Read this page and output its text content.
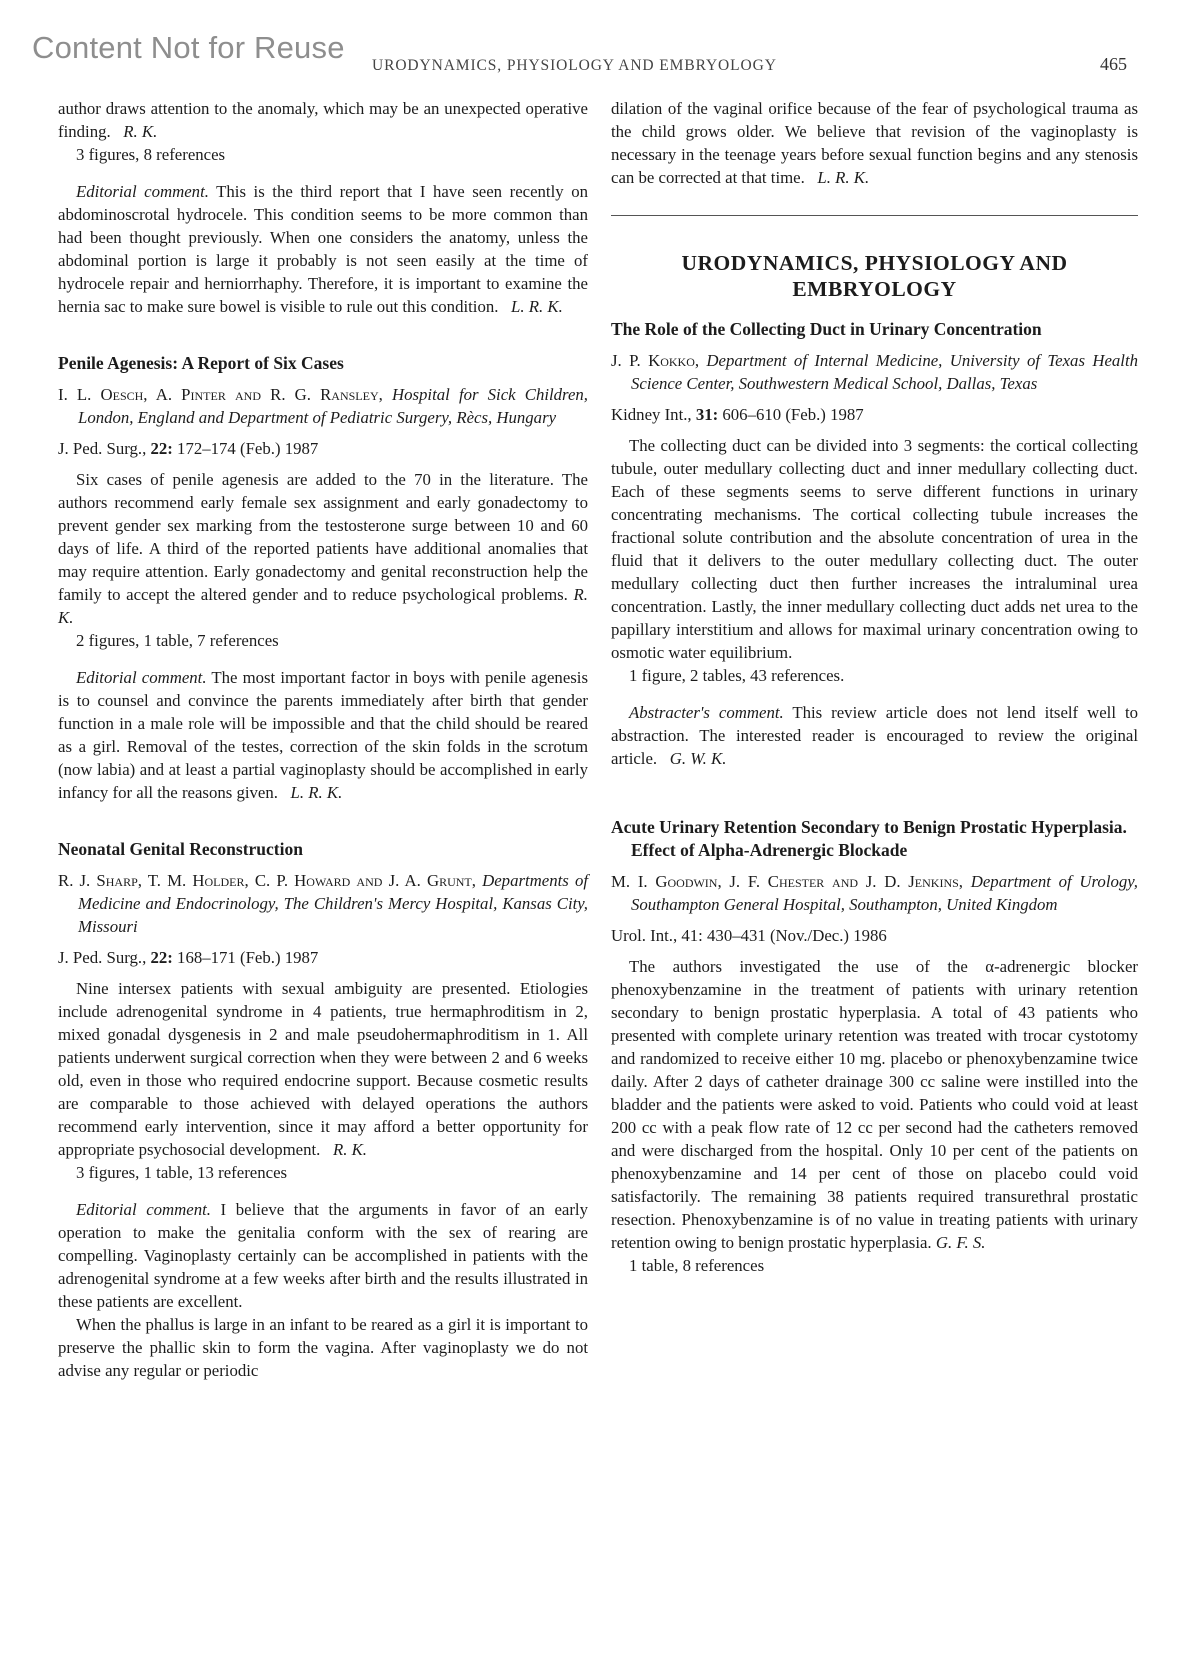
Content Not for Reuse
URODYNAMICS, PHYSIOLOGY AND EMBRYOLOGY	465

author draws attention to the anomaly, which may be an unexpected operative finding. R. K.

3 figures, 8 references

Editorial comment. This is the third report that I have seen recently on abdominoscrotal hydrocele. This condition seems to be more common than had been thought previously. When one considers the anatomy, unless the abdominal portion is large it probably is not seen easily at the time of hydrocele repair and herniorrhaphy. Therefore, it is important to examine the hernia sac to make sure bowel is visible to rule out this condition. L. R. K.

Penile Agenesis: A Report of Six Cases

I. L. Oesch, A. Pinter and R. G. Ransley, Hospital for Sick Children, London, England and Department of Pediatric Surgery, Rècs, Hungary

J. Ped. Surg., 22: 172–174 (Feb.) 1987

Six cases of penile agenesis are added to the 70 in the literature. The authors recommend early female sex assignment and early gonadectomy to prevent gender sex marking from the testosterone surge between 10 and 60 days of life. A third of the reported patients have additional anomalies that may require attention. Early gonadectomy and genital reconstruction help the family to accept the altered gender and to reduce psychological problems. R. K.

2 figures, 1 table, 7 references

Editorial comment. The most important factor in boys with penile agenesis is to counsel and convince the parents immediately after birth that gender function in a male role will be impossible and that the child should be reared as a girl. Removal of the testes, correction of the skin folds in the scrotum (now labia) and at least a partial vaginoplasty should be accomplished in early infancy for all the reasons given. L. R. K.

Neonatal Genital Reconstruction

R. J. Sharp, T. M. Holder, C. P. Howard and J. A. Grunt, Departments of Medicine and Endocrinology, The Children's Mercy Hospital, Kansas City, Missouri

J. Ped. Surg., 22: 168–171 (Feb.) 1987

Nine intersex patients with sexual ambiguity are presented. Etiologies include adrenogenital syndrome in 4 patients, true hermaphroditism in 2, mixed gonadal dysgenesis in 2 and male pseudohermaphroditism in 1. All patients underwent surgical correction when they were between 2 and 6 weeks old, even in those who required endocrine support. Because cosmetic results are comparable to those achieved with delayed operations the authors recommend early intervention, since it may afford a better opportunity for appropriate psychosocial development. R. K.

3 figures, 1 table, 13 references

Editorial comment. I believe that the arguments in favor of an early operation to make the genitalia conform with the sex of rearing are compelling. Vaginoplasty certainly can be accomplished in patients with the adrenogenital syndrome at a few weeks after birth and the results illustrated in these patients are excellent.

When the phallus is large in an infant to be reared as a girl it is important to preserve the phallic skin to form the vagina. After vaginoplasty we do not advise any regular or periodic

dilation of the vaginal orifice because of the fear of psychological trauma as the child grows older. We believe that revision of the vaginoplasty is necessary in the teenage years before sexual function begins and any stenosis can be corrected at that time. L. R. K.

URODYNAMICS, PHYSIOLOGY AND
EMBRYOLOGY

The Role of the Collecting Duct in Urinary Concentration

J. P. Kokko, Department of Internal Medicine, University of Texas Health Science Center, Southwestern Medical School, Dallas, Texas

Kidney Int., 31: 606–610 (Feb.) 1987

The collecting duct can be divided into 3 segments: the cortical collecting tubule, outer medullary collecting duct and inner medullary collecting duct. Each of these segments seems to serve different functions in urinary concentrating mechanisms. The cortical collecting tubule increases the fractional solute contribution and the absolute concentration of urea in the fluid that it delivers to the outer medullary collecting duct. The outer medullary collecting duct then further increases the intraluminal urea concentration. Lastly, the inner medullary collecting duct adds net urea to the papillary interstitium and allows for maximal urinary concentration owing to osmotic water equilibrium.

1 figure, 2 tables, 43 references.

Abstracter's comment. This review article does not lend itself well to abstraction. The interested reader is encouraged to review the original article. G. W. K.

Acute Urinary Retention Secondary to Benign Prostatic Hyperplasia. Effect of Alpha-Adrenergic Blockade

M. I. Goodwin, J. F. Chester and J. D. Jenkins, Department of Urology, Southampton General Hospital, Southampton, United Kingdom

Urol. Int., 41: 430–431 (Nov./Dec.) 1986

The authors investigated the use of the α-adrenergic blocker phenoxybenzamine in the treatment of patients with urinary retention secondary to benign prostatic hyperplasia. A total of 43 patients who presented with complete urinary retention was treated with trocar cystotomy and randomized to receive either 10 mg. placebo or phenoxybenzamine twice daily. After 2 days of catheter drainage 300 cc saline were instilled into the bladder and the patients were asked to void. Patients who could void at least 200 cc with a peak flow rate of 12 cc per second had the catheters removed and were discharged from the hospital. Only 10 per cent of the patients on phenoxybenzamine and 14 per cent of those on placebo could void satisfactorily. The remaining 38 patients required transurethral prostatic resection. Phenoxybenzamine is of no value in treating patients with urinary retention owing to benign prostatic hyperplasia. G. F. S.

1 table, 8 references
